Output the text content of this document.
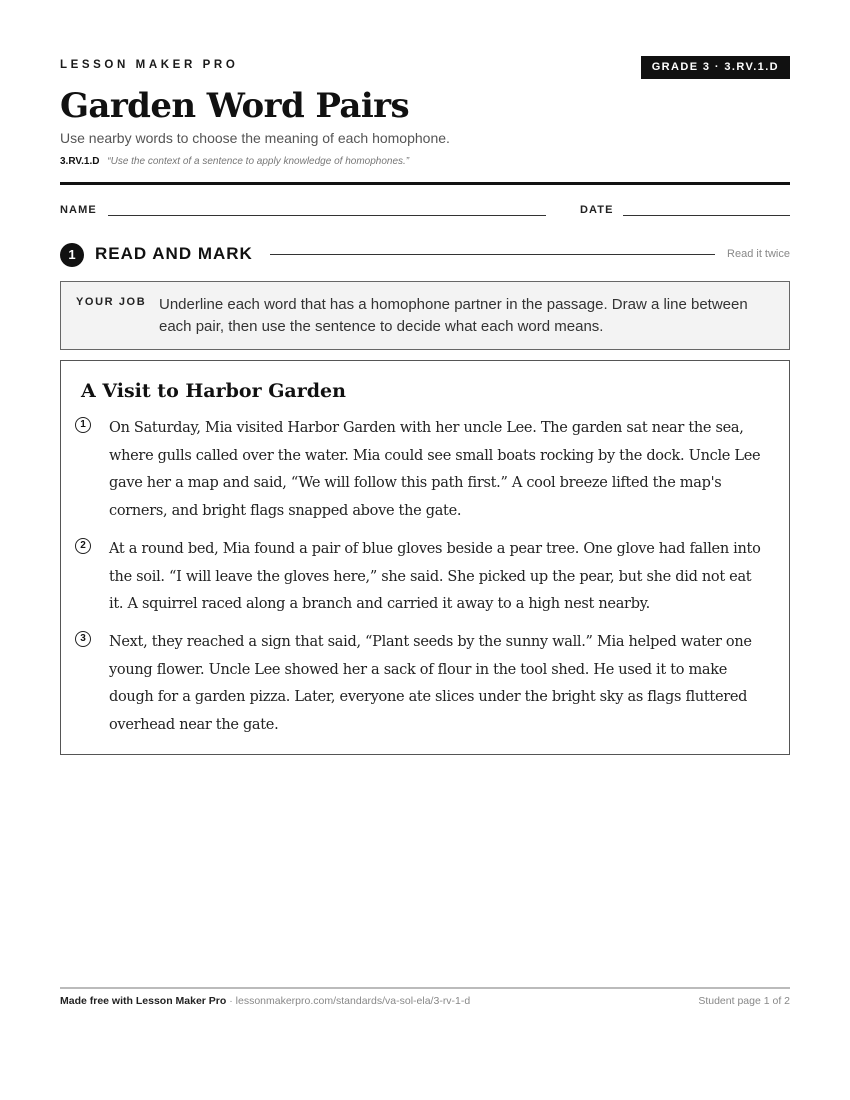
LESSON MAKER PRO	GRADE 3 · 3.RV.1.D
Garden Word Pairs
Use nearby words to choose the meaning of each homophone.
3.RV.1.D “Use the context of a sentence to apply knowledge of homophones.”
NAME	DATE
1	READ AND MARK	Read it twice
YOUR JOB Underline each word that has a homophone partner in the passage. Draw a line between each pair, then use the sentence to decide what each word means.
A Visit to Harbor Garden
1	On Saturday, Mia visited Harbor Garden with her uncle Lee. The garden sat near the sea, where gulls called over the water. Mia could see small boats rocking by the dock. Uncle Lee gave her a map and said, “We will follow this path first.” A cool breeze lifted the map's corners, and bright flags snapped above the gate.
2	At a round bed, Mia found a pair of blue gloves beside a pear tree. One glove had fallen into the soil. “I will leave the gloves here,” she said. She picked up the pear, but she did not eat it. A squirrel raced along a branch and carried it away to a high nest nearby.
3	Next, they reached a sign that said, “Plant seeds by the sunny wall.” Mia helped water one young flower. Uncle Lee showed her a sack of flour in the tool shed. He used it to make dough for a garden pizza. Later, everyone ate slices under the bright sky as flags fluttered overhead near the gate.
Made free with Lesson Maker Pro · lessonmakerpro.com/standards/va-sol-ela/3-rv-1-d	Student page 1 of 2
